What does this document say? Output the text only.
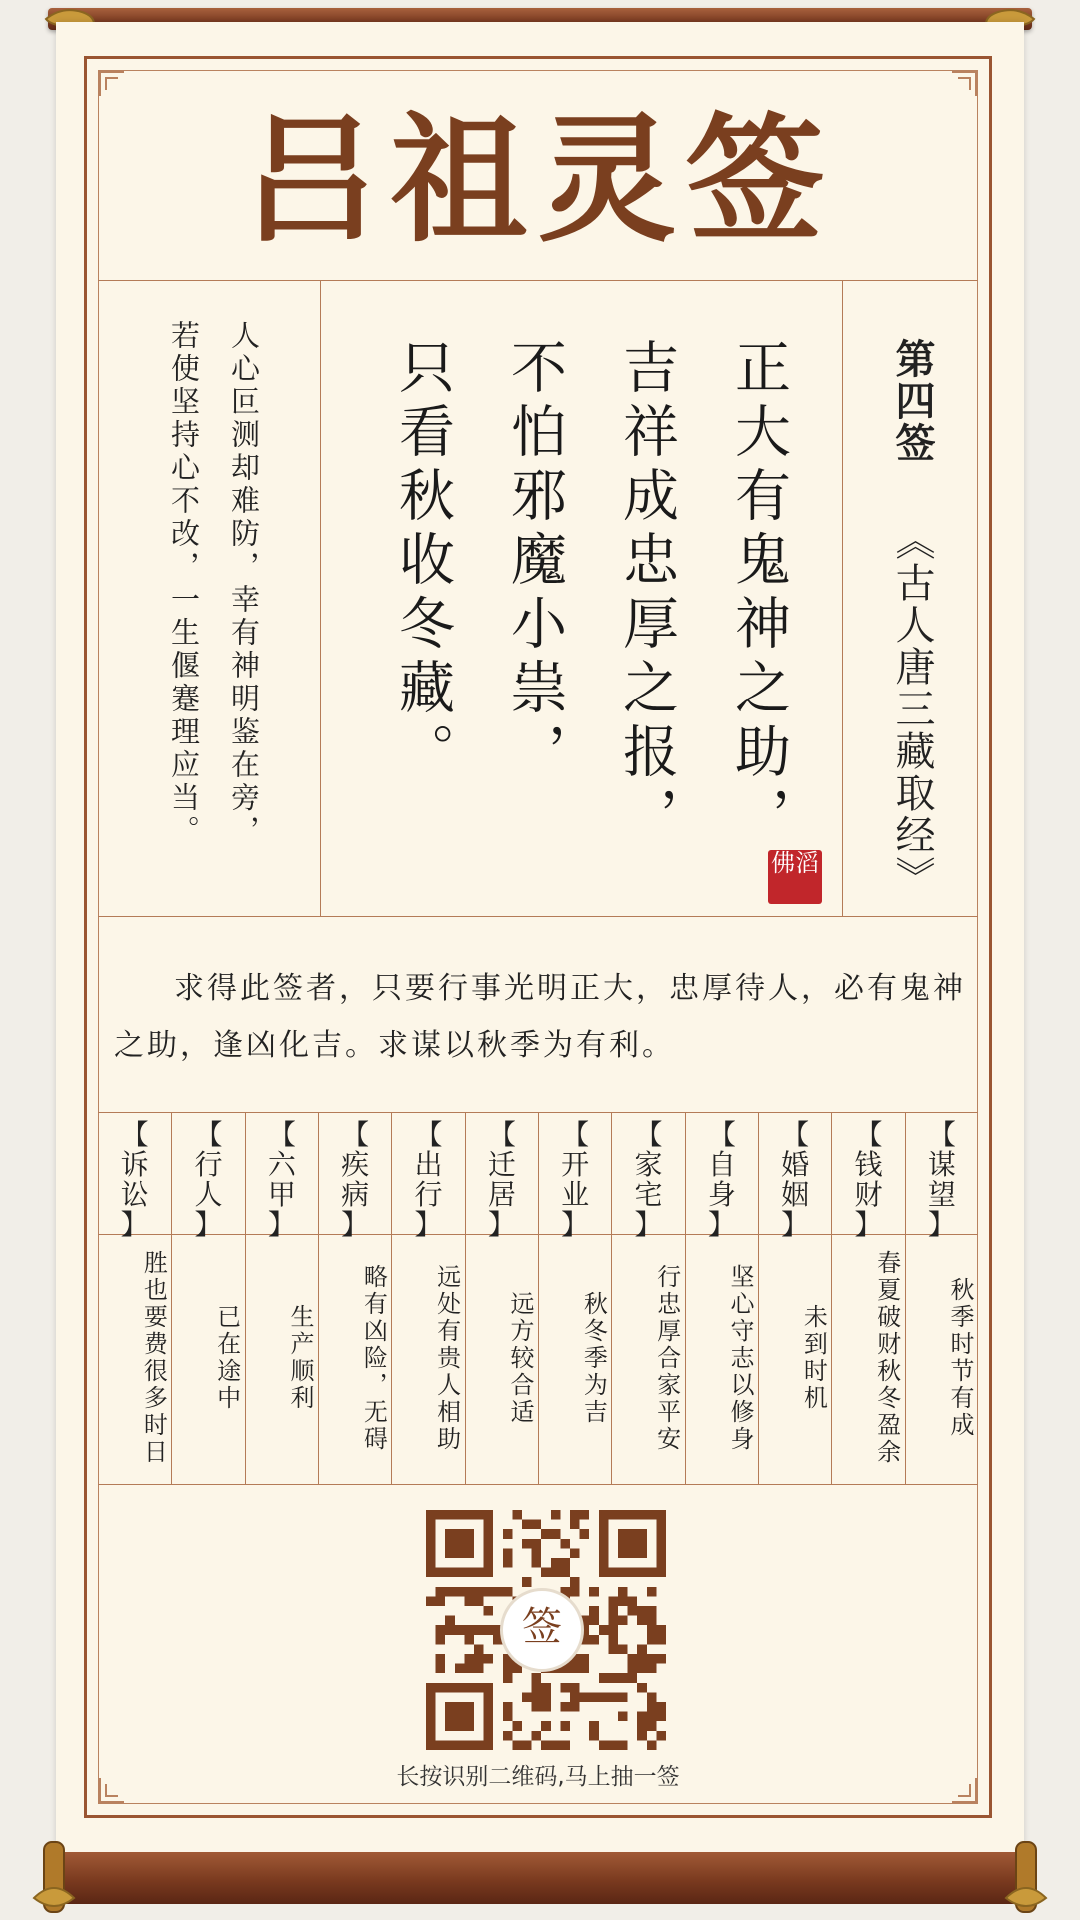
吕祖灵签
第四签
《古人唐三藏取经》
正大有鬼神之助，
吉祥成忠厚之报，
不怕邪魔小祟，
只看秋收冬藏。
佛滔
人心叵测却难防，幸有神明鉴在旁，
若使坚持心不改，一生偃蹇理应当。
求得此签者，只要行事光明正大，忠厚待人，必有鬼神之助，逢凶化吉。求谋以秋季为有利。
【
谋
望
】
秋季时节有成
【
钱
财
】
春夏破财秋冬盈余
【
婚
姻
】
未到时机
【
自
身
】
坚心守志以修身
【
家
宅
】
行忠厚合家平安
【
开
业
】
秋冬季为吉
【
迁
居
】
远方较合适
【
出
行
】
远处有贵人相助
【
疾
病
】
略有凶险，无碍
【
六
甲
】
生产顺利
【
行
人
】
已在途中
【
诉
讼
】
胜也要费很多时日
签
长按识别二维码,马上抽一签
